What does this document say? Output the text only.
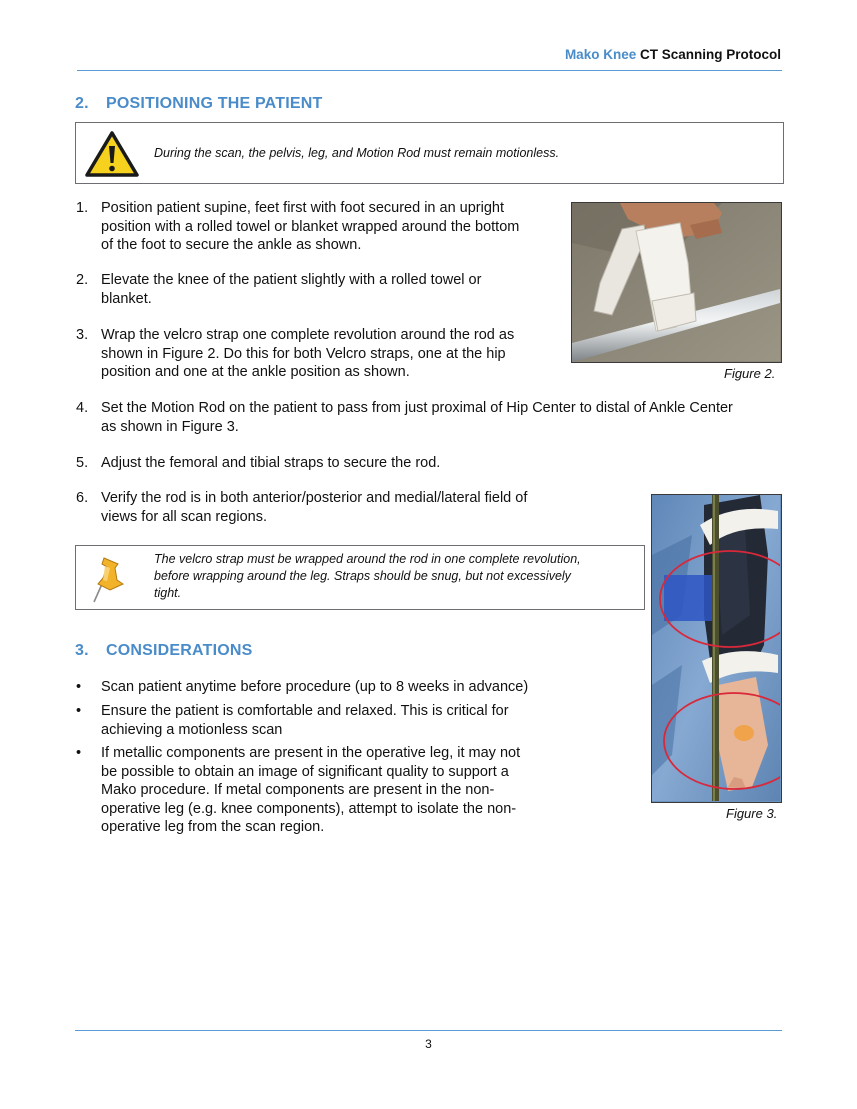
Mako Knee CT Scanning Protocol
2. POSITIONING THE PATIENT
During the scan, the pelvis, leg, and Motion Rod must remain motionless.
1. Position patient supine, feet first with foot secured in an upright
position with a rolled towel or blanket wrapped around the bottom
of the foot to secure the ankle as shown.
2. Elevate the knee of the patient slightly with a rolled towel or
blanket.
3. Wrap the velcro strap one complete revolution around the rod as
shown in Figure 2. Do this for both Velcro straps, one at the hip
position and one at the ankle position as shown.	Figure 2.
4. Set the Motion Rod on the patient to pass from just proximal of Hip Center to distal of Ankle Center
as shown in Figure 3.
5. Adjust the femoral and tibial straps to secure the rod.
6. Verify the rod is in both anterior/posterior and medial/lateral field of
views for all scan regions.
The velcro strap must be wrapped around the rod in one complete revolution,
before wrapping around the leg. Straps should be snug, but not excessively
tight.
Figure 3.
3. CONSIDERATIONS
• Scan patient anytime before procedure (up to 8 weeks in advance)
• Ensure the patient is comfortable and relaxed. This is critical for
achieving a motionless scan
• If metallic components are present in the operative leg, it may not
be possible to obtain an image of significant quality to support a
Mako procedure. If metal components are present in the non-
operative leg (e.g. knee components), attempt to isolate the non-
operative leg from the scan region.
3
